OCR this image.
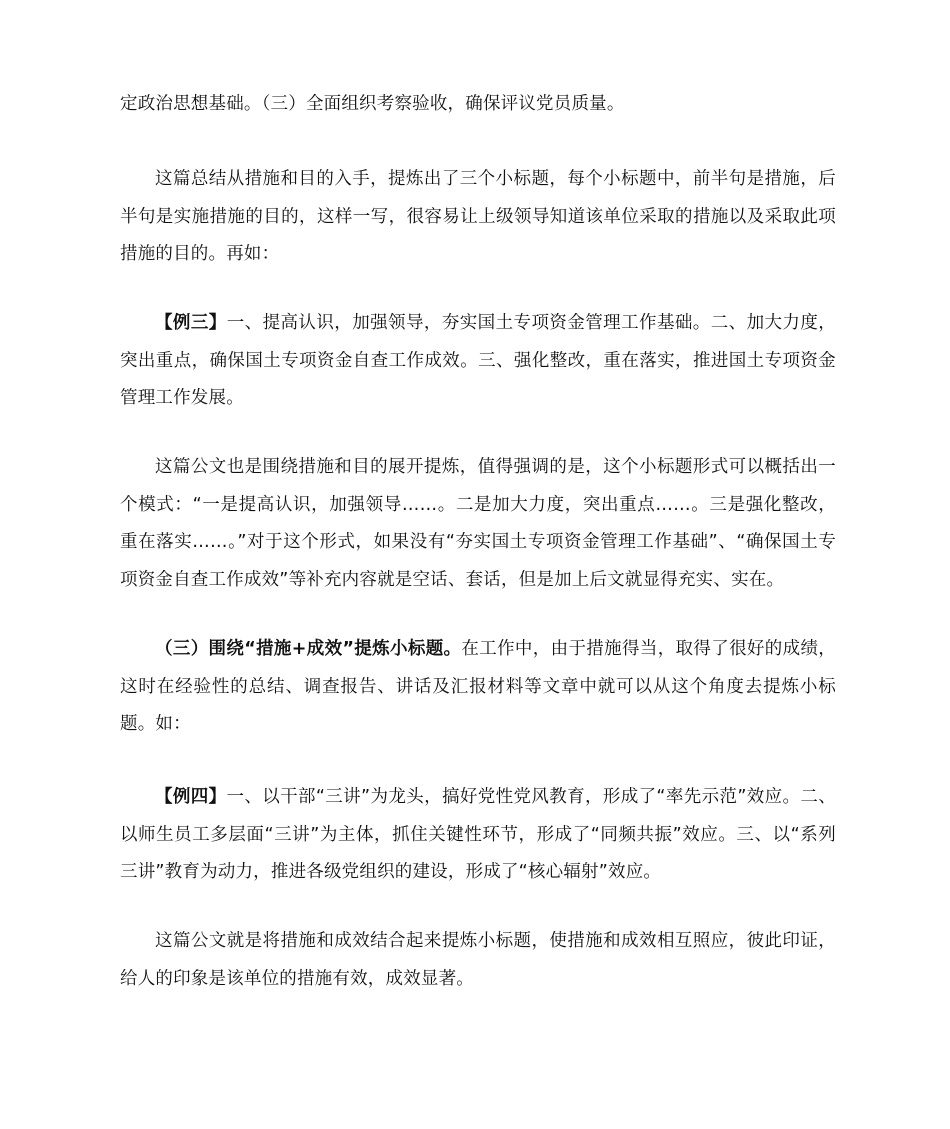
定政治思想基础。（三）全面组织考察验收，确保评议党员质量。

这篇总结从措施和目的入手，提炼出了三个小标题，每个小标题中，前半句是措施，后半句是实施措施的目的，这样一写，很容易让上级领导知道该单位采取的措施以及采取此项措施的目的。再如：

【例三】一、提高认识，加强领导，夯实国土专项资金管理工作基础。二、加大力度，突出重点，确保国土专项资金自查工作成效。三、强化整改，重在落实，推进国土专项资金管理工作发展。

这篇公文也是围绕措施和目的展开提炼，值得强调的是，这个小标题形式可以概括出一个模式：“一是提高认识，加强领导……。二是加大力度，突出重点……。三是强化整改，重在落实……。”对于这个形式，如果没有“夯实国土专项资金管理工作基础”、“确保国土专项资金自查工作成效”等补充内容就是空话、套话，但是加上后文就显得充实、实在。

（三）围绕“措施+成效”提炼小标题。在工作中，由于措施得当，取得了很好的成绩，这时在经验性的总结、调查报告、讲话及汇报材料等文章中就可以从这个角度去提炼小标题。如：

【例四】一、以干部“三讲”为龙头，搞好党性党风教育，形成了“率先示范”效应。二、以师生员工多层面“三讲”为主体，抓住关键性环节，形成了“同频共振”效应。三、以“系列三讲”教育为动力，推进各级党组织的建设，形成了“核心辐射”效应。

这篇公文就是将措施和成效结合起来提炼小标题，使措施和成效相互照应，彼此印证，给人的印象是该单位的措施有效，成效显著。
